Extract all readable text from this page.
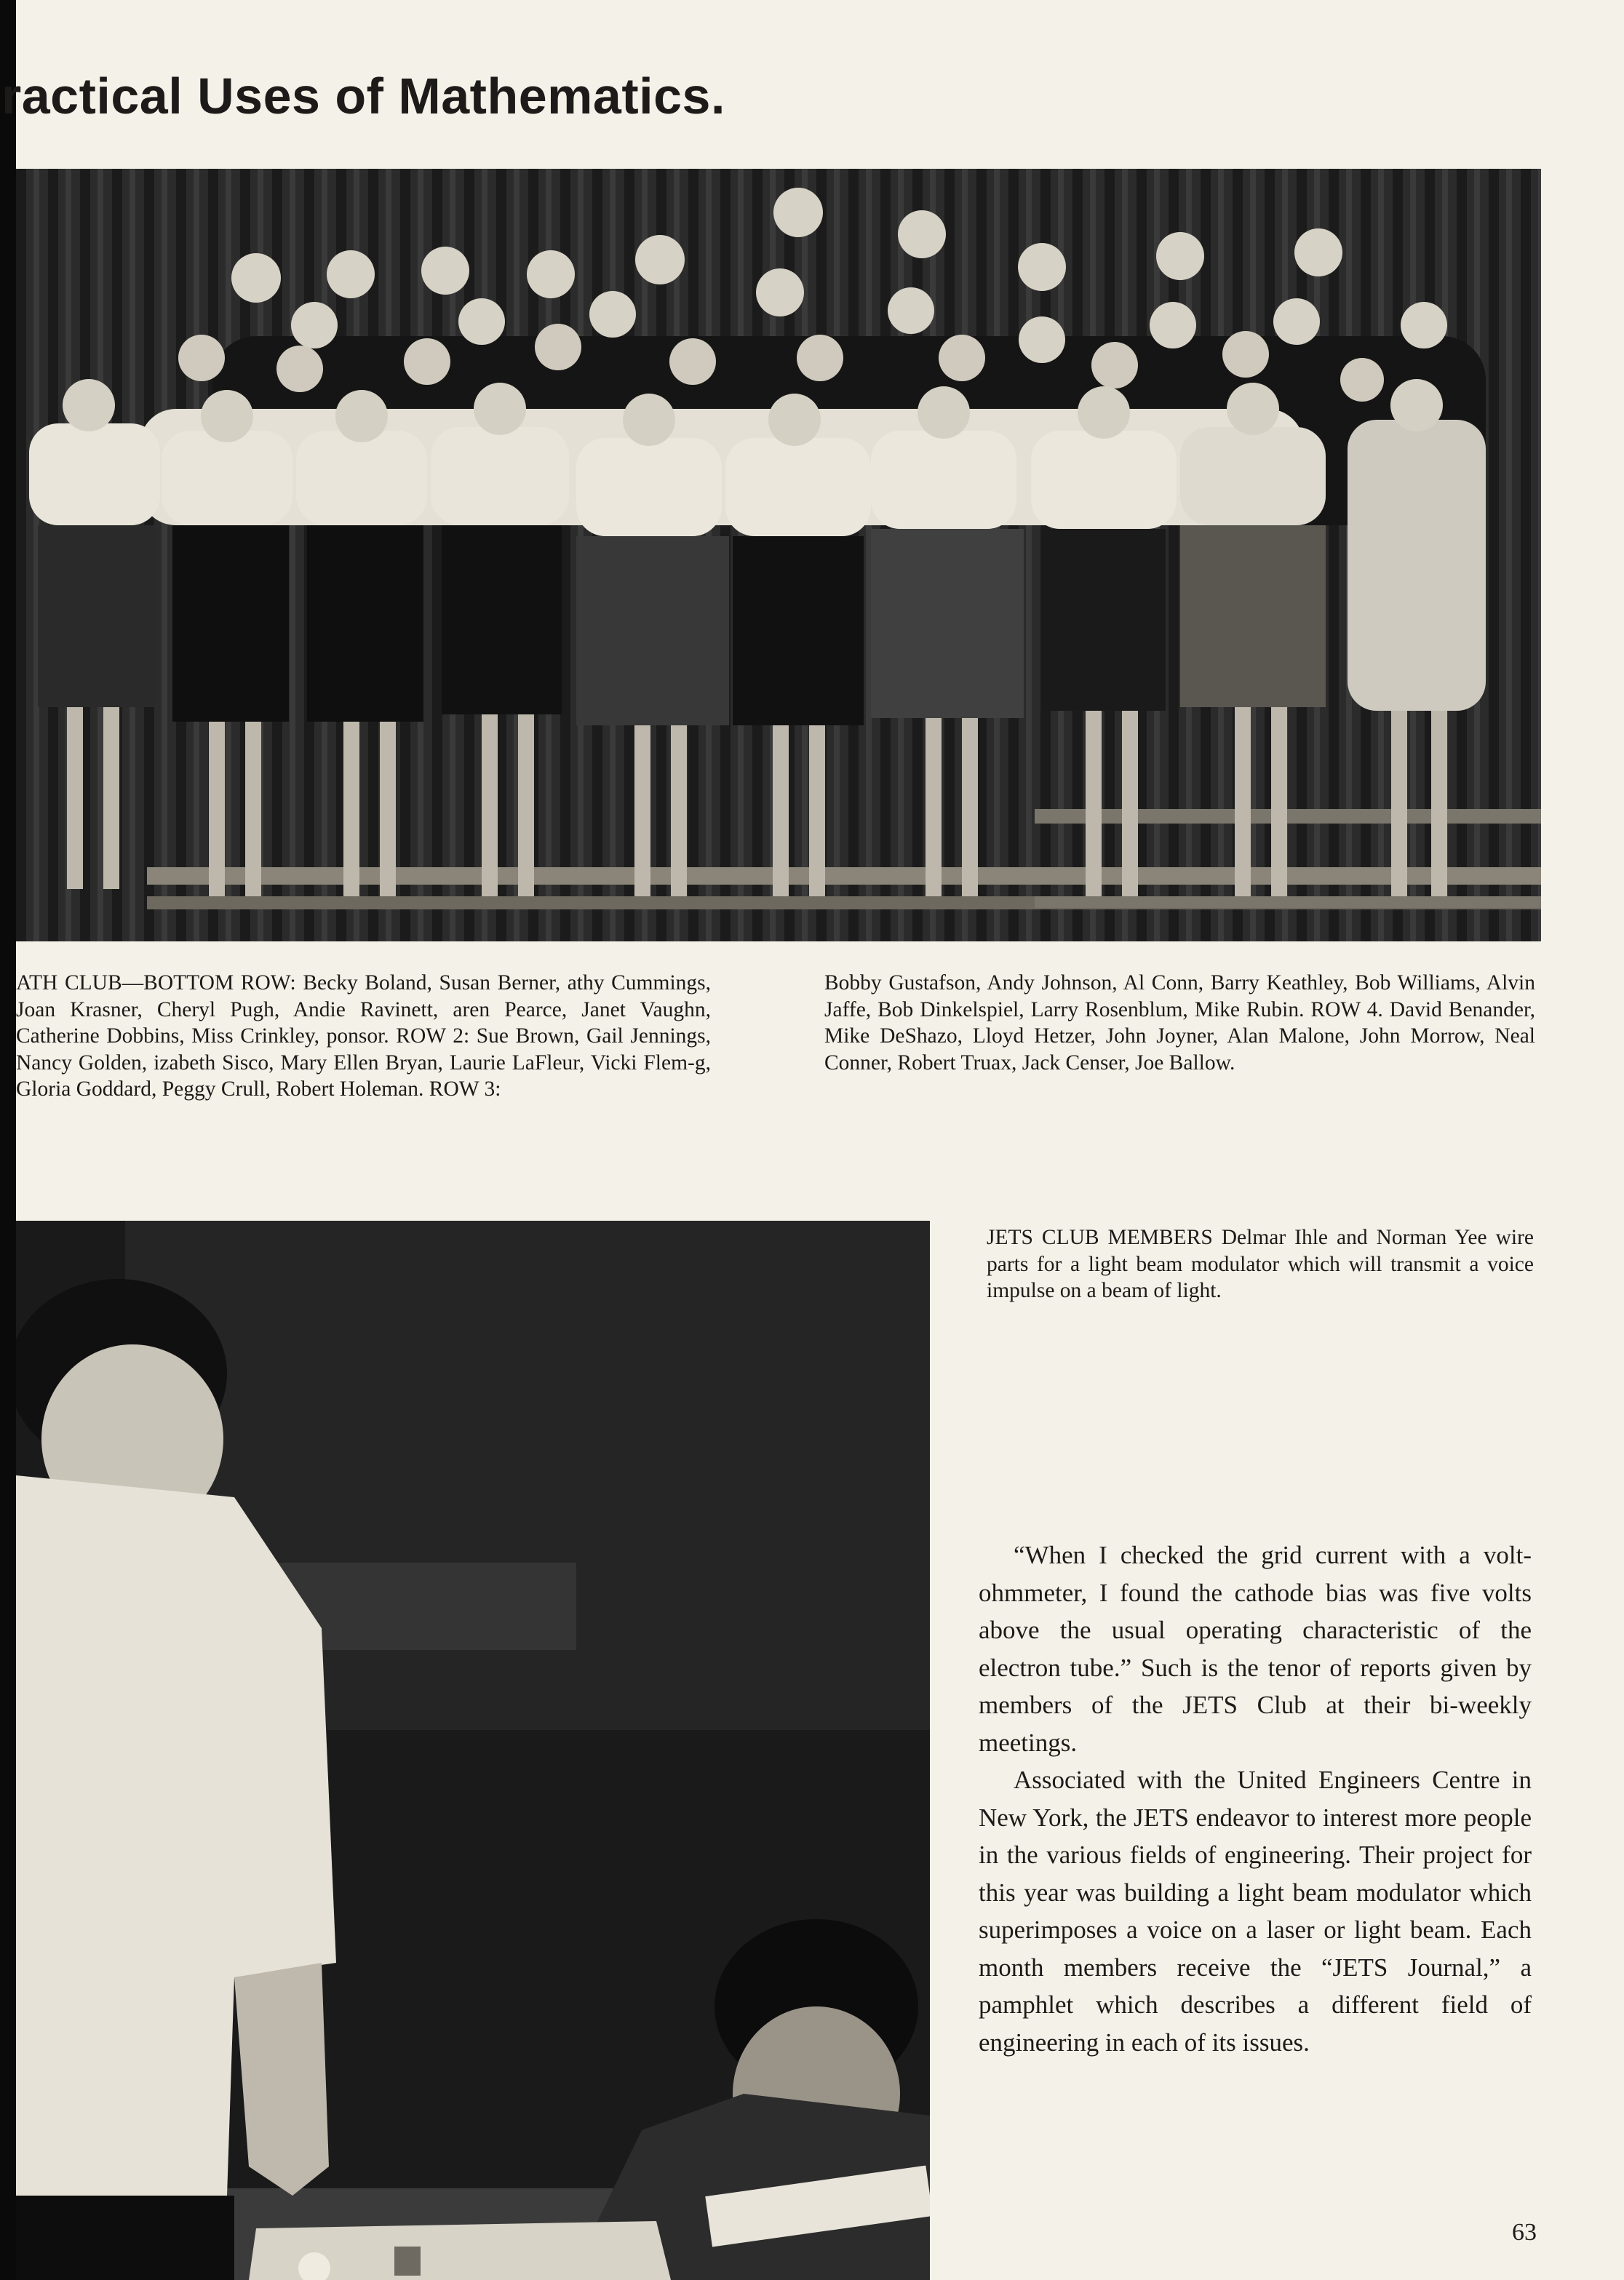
ractical Uses of Mathematics.

ATH CLUB—BOTTOM ROW: Becky Boland, Susan Berner, athy Cummings, Joan Krasner, Cheryl Pugh, Andie Ravinett, aren Pearce, Janet Vaughn, Catherine Dobbins, Miss Crinkley, ponsor. ROW 2: Sue Brown, Gail Jennings, Nancy Golden, izabeth Sisco, Mary Ellen Bryan, Laurie LaFleur, Vicki Flem-g, Gloria Goddard, Peggy Crull, Robert Holeman. ROW 3:

Bobby Gustafson, Andy Johnson, Al Conn, Barry Keathley, Bob Williams, Alvin Jaffe, Bob Dinkelspiel, Larry Rosenblum, Mike Rubin. ROW 4. David Benander, Mike DeShazo, Lloyd Hetzer, John Joyner, Alan Malone, John Morrow, Neal Conner, Robert Truax, Jack Censer, Joe Ballow.

JETS CLUB MEMBERS Delmar Ihle and Norman Yee wire parts for a light beam modulator which will transmit a voice impulse on a beam of light.

“When I checked the grid current with a volt-ohmmeter, I found the cathode bias was five volts above the usual operating characteristic of the electron tube.” Such is the tenor of reports given by members of the JETS Club at their bi-weekly meetings.

Associated with the United Engineers Centre in New York, the JETS endeavor to interest more people in the various fields of engineering. Their project for this year was building a light beam modulator which superimposes a voice on a laser or light beam. Each month members receive the “JETS Journal,” a pamphlet which describes a different field of engineering in each of its issues.

63
